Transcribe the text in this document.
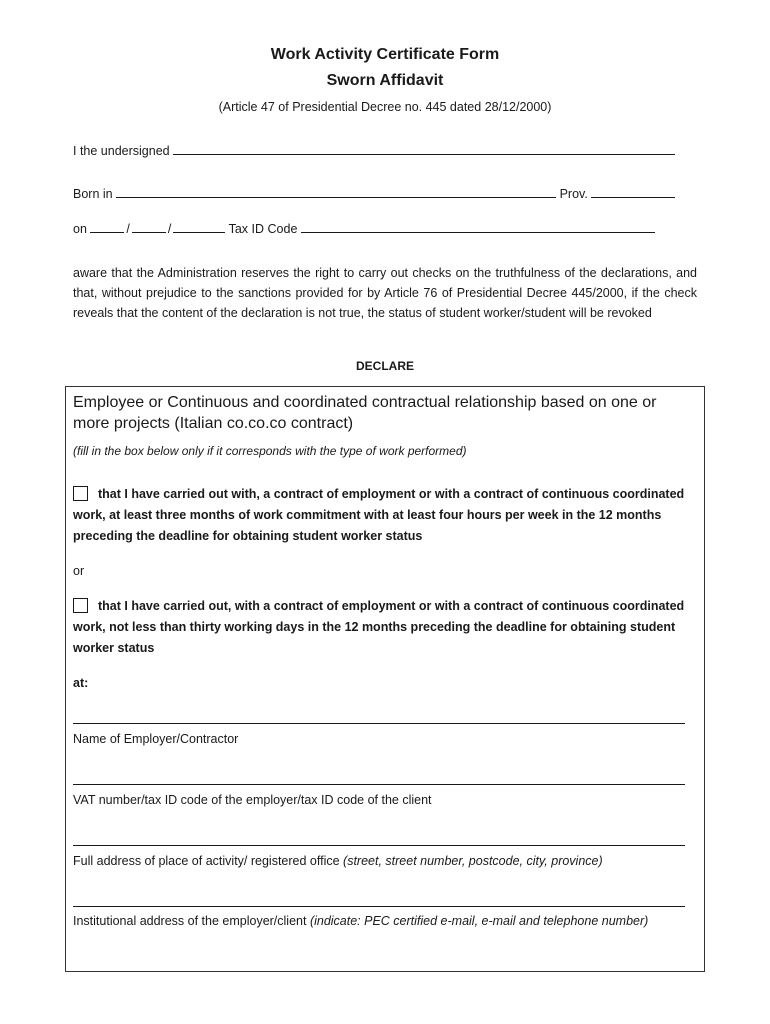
Work Activity Certificate Form
Sworn Affidavit
(Article 47 of Presidential Decree no. 445 dated 28/12/2000)
I the undersigned
Born in	Prov.
on	/	/	Tax ID Code
aware that the Administration reserves the right to carry out checks on the truthfulness of the declarations, and that, without prejudice to the sanctions provided for by Article 76 of Presidential Decree 445/2000, if the check reveals that the content of the declaration is not true, the status of student worker/student will be revoked
DECLARE
Employee or Continuous and coordinated contractual relationship based on one or more projects (Italian co.co.co contract)
(fill in the box below only if it corresponds with the type of work performed)
that I have carried out with, a contract of employment or with a contract of continuous coordinated work, at least three months of work commitment with at least four hours per week in the 12 months preceding the deadline for obtaining student worker status
or
that I have carried out, with a contract of employment or with a contract of continuous coordinated work, not less than thirty working days in the 12 months preceding the deadline for obtaining student worker status
at:
Name of Employer/Contractor
VAT number/tax ID code of the employer/tax ID code of the client
Full address of place of activity/ registered office (street, street number, postcode, city, province)
Institutional address of the employer/client (indicate: PEC certified e-mail, e-mail and telephone number)
